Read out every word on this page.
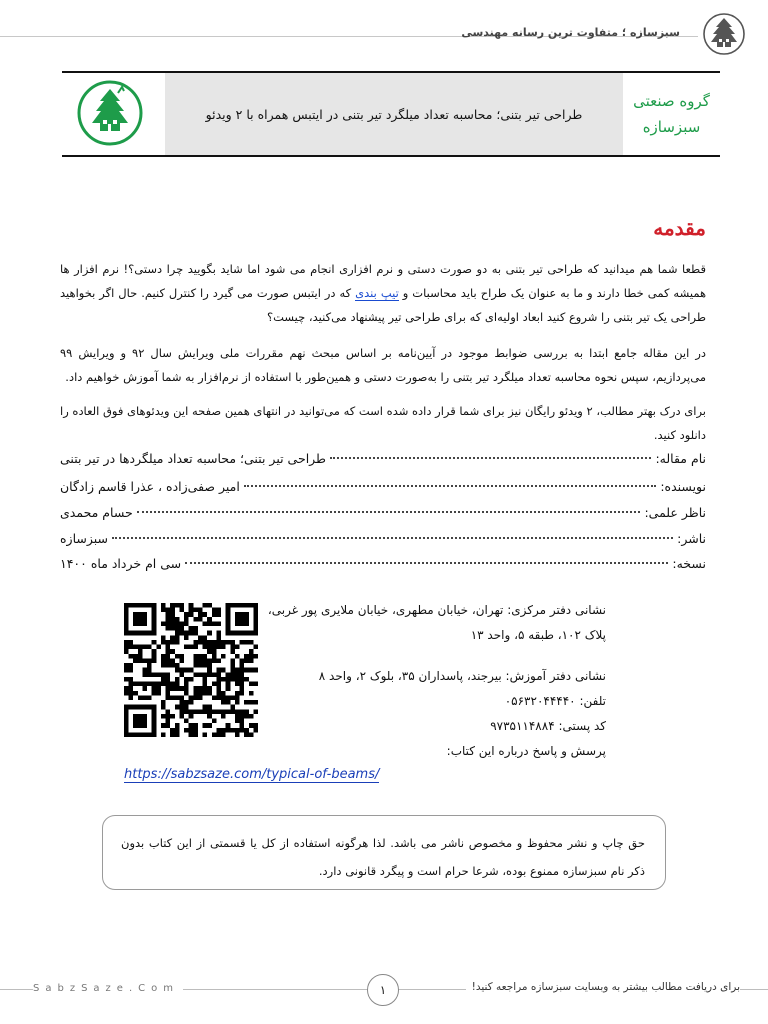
سبزسازه ؛ متفاوت ترین رسانه مهندسی
گروه صنعتی
سبزسازه
طراحی تیر بتنی؛ محاسبه تعداد میلگرد تیر بتنی در ایتبس همراه با ۲ ویدئو
مقدمه
قطعا شما هم میدانید که طراحی تیر بتنی به دو صورت دستی و نرم افزاری انجام می شود اما شاید بگویید چرا دستی؟! نرم افزار ها همیشه کمی خطا دارند و ما به عنوان یک طراح باید محاسبات و تیپ بندی که در ایتبس صورت می گیرد را کنترل کنیم. حال اگر بخواهید طراحی یک تیر بتنی را شروع کنید ابعاد اولیه‌ای که برای طراحی تیر پیشنهاد می‌کنید، چیست؟
در این مقاله جامع ابتدا به بررسی ضوابط موجود در آیین‌نامه بر اساس مبحث نهم مقررات ملی ویرایش سال ۹۲ و ویرایش ۹۹ می‌پردازیم، سپس نحوه محاسبه تعداد میلگرد تیر بتنی را به‌صورت دستی و همین‌طور با استفاده از نرم‌افزار به شما آموزش خواهیم داد.
برای درک بهتر مطالب، ۲ ویدئو رایگان نیز برای شما قرار داده شده است که می‌توانید در انتهای همین صفحه این ویدئوهای فوق العاده را دانلود کنید.
نام مقاله:
طراحی تیر بتنی؛ محاسبه تعداد میلگردها در تیر بتنی
نویسنده:
امیر صفی‌زاده ، عذرا قاسم زادگان
ناظر علمی:
حسام محمدی
ناشر:
سبزسازه
نسخه:
سی ام خرداد ماه ۱۴۰۰
نشانی دفتر مرکزی: تهران، خیابان مطهری، خیابان ملایری پور غربی،
پلاک ۱۰۲، طبقه ۵، واحد ۱۳
نشانی دفتر آموزش: بیرجند، پاسداران ۳۵، بلوک ۲، واحد ۸
تلفن: ۰۵۶۳۲۰۴۴۴۴۰
کد پستی: ۹۷۳۵۱۱۴۸۸۴
پرسش و پاسخ درباره این کتاب:
https://sabzsaze.com/typical-of-beams/
حق چاپ و نشر محفوظ و مخصوص ناشر می باشد. لذا هرگونه استفاده از کل یا قسمتی از این کتاب بدون ذکر نام سبزسازه ممنوع بوده، شرعا حرام است و پیگرد قانونی دارد.
SabzSaze.Com	برای دریافت مطالب بیشتر به وبسایت سبزسازه مراجعه کنید!
۱
